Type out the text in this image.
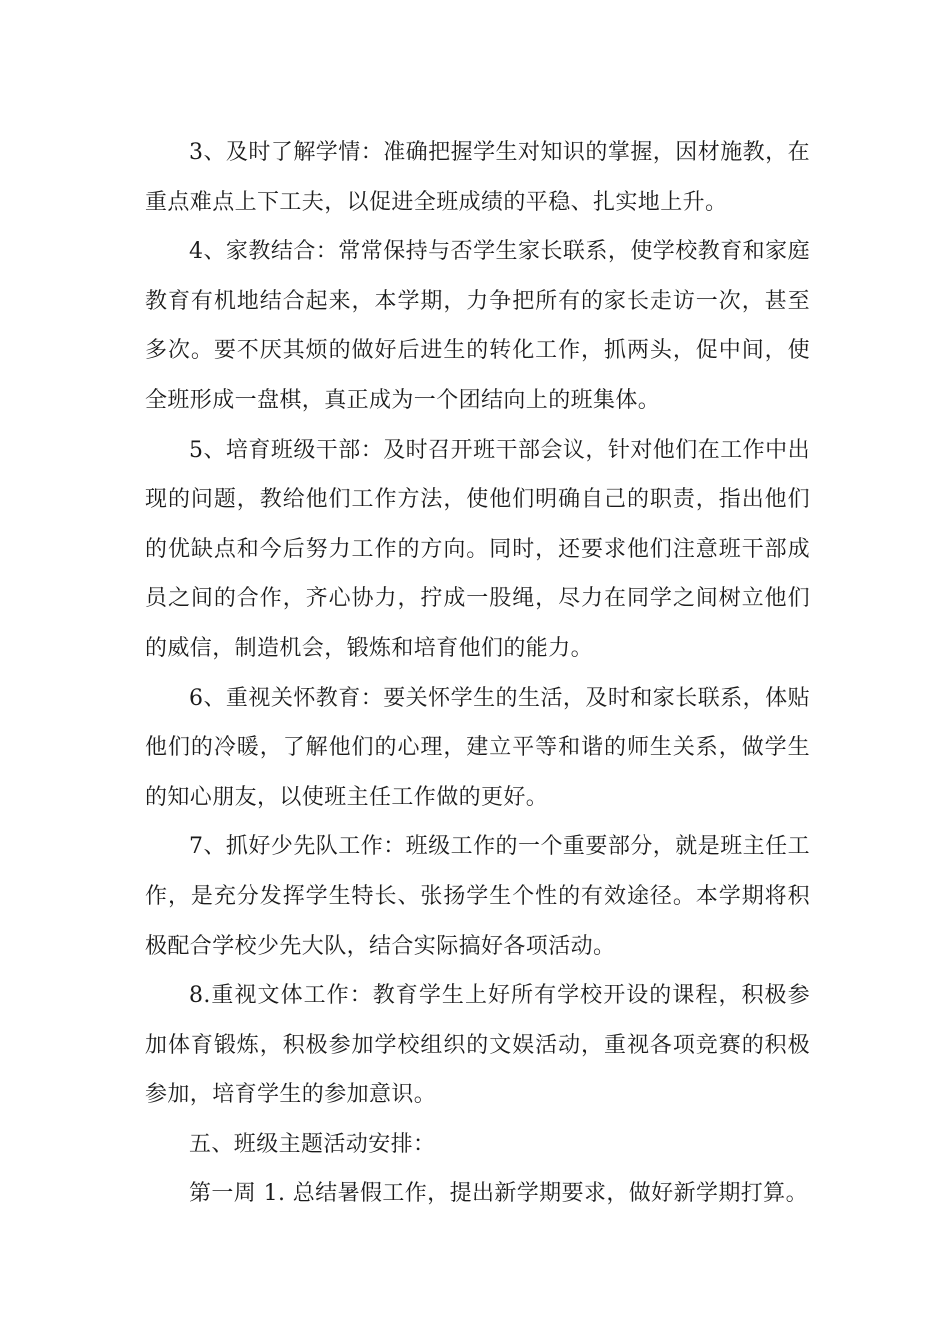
3、及时了解学情：准确把握学生对知识的掌握，因材施教，在重点难点上下工夫，以促进全班成绩的平稳、扎实地上升。

4、家教结合：常常保持与否学生家长联系，使学校教育和家庭教育有机地结合起来，本学期，力争把所有的家长走访一次，甚至多次。要不厌其烦的做好后进生的转化工作，抓两头，促中间，使全班形成一盘棋，真正成为一个团结向上的班集体。

5、培育班级干部：及时召开班干部会议，针对他们在工作中出现的问题，教给他们工作方法，使他们明确自己的职责，指出他们的优缺点和今后努力工作的方向。同时，还要求他们注意班干部成员之间的合作，齐心协力，拧成一股绳，尽力在同学之间树立他们的威信，制造机会，锻炼和培育他们的能力。

6、重视关怀教育：要关怀学生的生活，及时和家长联系，体贴他们的冷暖，了解他们的心理，建立平等和谐的师生关系，做学生的知心朋友，以使班主任工作做的更好。

7、抓好少先队工作：班级工作的一个重要部分，就是班主任工作，是充分发挥学生特长、张扬学生个性的有效途径。本学期将积极配合学校少先大队，结合实际搞好各项活动。

8.重视文体工作：教育学生上好所有学校开设的课程，积极参加体育锻炼，积极参加学校组织的文娱活动，重视各项竞赛的积极参加，培育学生的参加意识。

五、班级主题活动安排：

第一周 1. 总结暑假工作，提出新学期要求，做好新学期打算。
